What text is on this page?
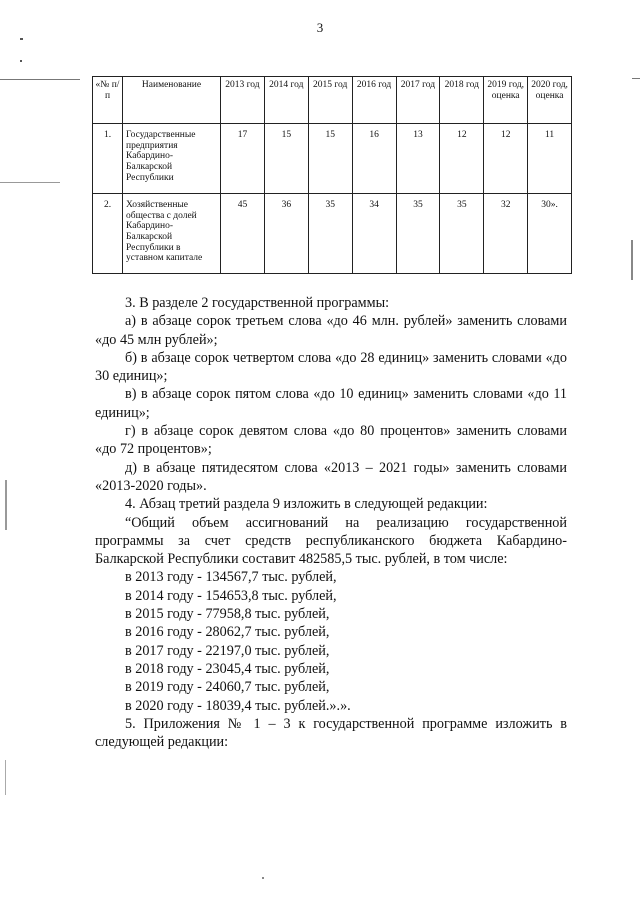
3
«№ п/п	Наименование	2013 год	2014 год	2015 год	2016 год	2017 год	2018 год	2019 год, оценка	2020 год, оценка
1.	Государственные предприятия Кабардино-Балкарской Республики	17	15	15	16	13	12	12	11
2.	Хозяйственные общества с долей Кабардино-Балкарской Республики в уставном капитале	45	36	35	34	35	35	32	30».

3. В разделе 2 государственной программы:

а) в абзаце сорок третьем слова «до 46 млн. рублей» заменить словами «до 45 млн рублей»;

б) в абзаце сорок четвертом слова «до 28 единиц» заменить словами «до 30 единиц»;

в) в абзаце сорок пятом слова «до 10 единиц» заменить словами «до 11 единиц»;

г) в абзаце сорок девятом слова «до 80 процентов» заменить словами «до 72 процентов»;

д) в абзаце пятидесятом слова «2013 – 2021 годы» заменить словами «2013-2020 годы».

4. Абзац третий раздела 9 изложить в следующей редакции:

“Общий объем ассигнований на реализацию государственной программы за счет средств республиканского бюджета Кабардино-Балкарской Республики составит 482585,5 тыс. рублей, в том числе:

в 2013 году - 134567,7 тыс. рублей,

в 2014 году - 154653,8 тыс. рублей,

в 2015 году - 77958,8 тыс. рублей,

в 2016 году - 28062,7 тыс. рублей,

в 2017 году - 22197,0 тыс. рублей,

в 2018 году - 23045,4 тыс. рублей,

в 2019 году - 24060,7 тыс. рублей,

в 2020 году - 18039,4 тыс. рублей.».».

5. Приложения № 1 – 3 к государственной программе изложить в следующей редакции:
